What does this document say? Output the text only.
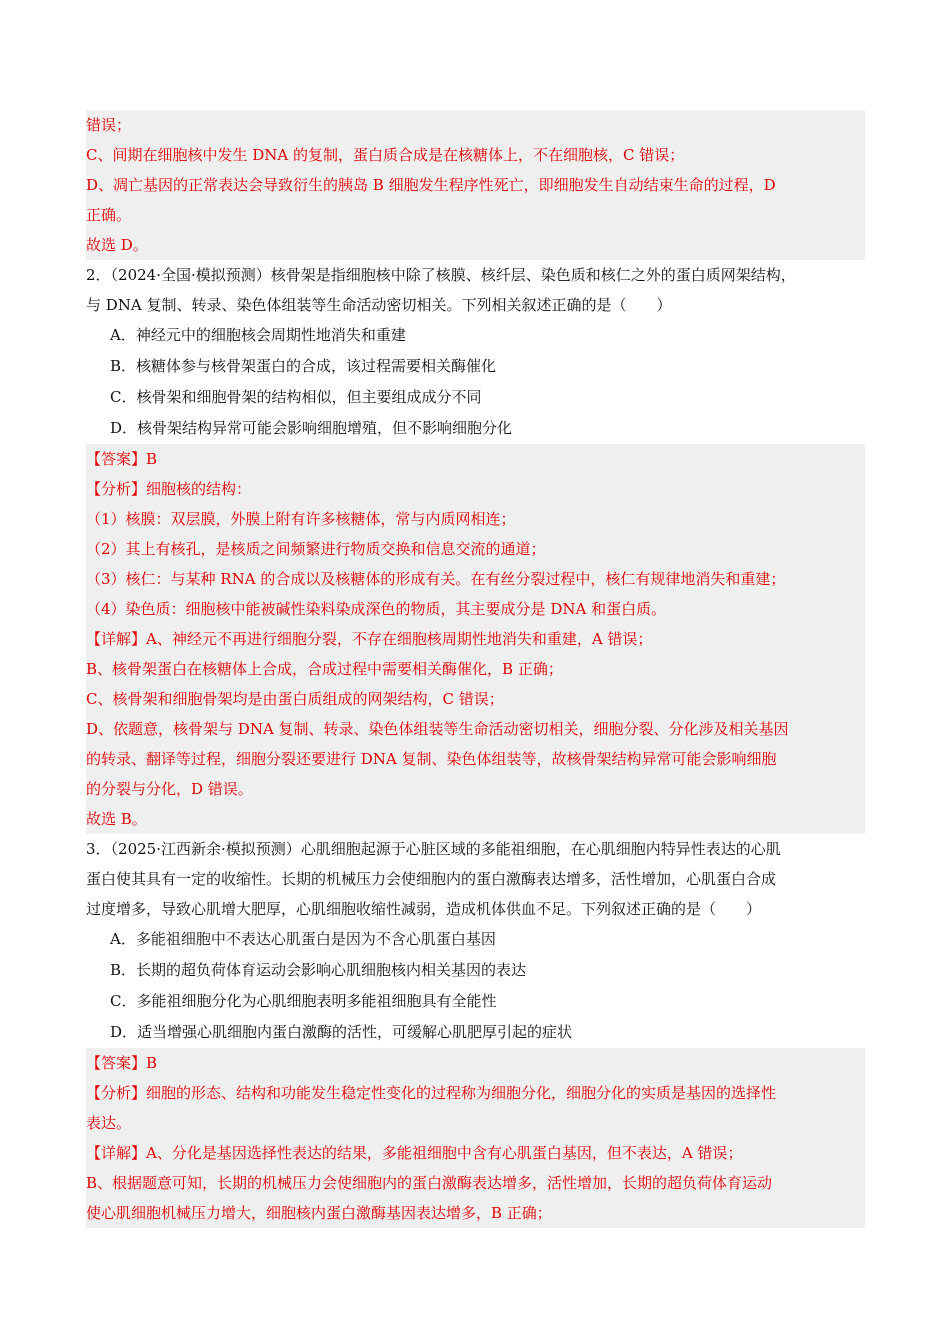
错误；
C、间期在细胞核中发生 DNA 的复制，蛋白质合成是在核糖体上，不在细胞核，C 错误；
D、凋亡基因的正常表达会导致衍生的胰岛 B 细胞发生程序性死亡，即细胞发生自动结束生命的过程，D
正确。
故选 D。
2．（2024·全国·模拟预测）核骨架是指细胞核中除了核膜、核纤层、染色质和核仁之外的蛋白质网架结构，
与 DNA 复制、转录、染色体组装等生命活动密切相关。下列相关叙述正确的是（　　）
A．神经元中的细胞核会周期性地消失和重建
B．核糖体参与核骨架蛋白的合成，该过程需要相关酶催化
C．核骨架和细胞骨架的结构相似，但主要组成成分不同
D．核骨架结构异常可能会影响细胞增殖，但不影响细胞分化
【答案】B
【分析】细胞核的结构：
（1）核膜：双层膜，外膜上附有许多核糖体，常与内质网相连；
（2）其上有核孔，是核质之间频繁进行物质交换和信息交流的通道；
（3）核仁：与某种 RNA 的合成以及核糖体的形成有关。在有丝分裂过程中，核仁有规律地消失和重建；
（4）染色质：细胞核中能被碱性染料染成深色的物质，其主要成分是 DNA 和蛋白质。
【详解】A、神经元不再进行细胞分裂，不存在细胞核周期性地消失和重建，A 错误；
B、核骨架蛋白在核糖体上合成，合成过程中需要相关酶催化，B 正确；
C、核骨架和细胞骨架均是由蛋白质组成的网架结构，C 错误；
D、依题意，核骨架与 DNA 复制、转录、染色体组装等生命活动密切相关，细胞分裂、分化涉及相关基因
的转录、翻译等过程，细胞分裂还要进行 DNA 复制、染色体组装等，故核骨架结构异常可能会影响细胞
的分裂与分化，D 错误。
故选 B。
3．（2025·江西新余·模拟预测）心肌细胞起源于心脏区域的多能祖细胞，在心肌细胞内特异性表达的心肌
蛋白使其具有一定的收缩性。长期的机械压力会使细胞内的蛋白激酶表达增多，活性增加，心肌蛋白合成
过度增多，导致心肌增大肥厚，心肌细胞收缩性减弱，造成机体供血不足。下列叙述正确的是（　　）
A．多能祖细胞中不表达心肌蛋白是因为不含心肌蛋白基因
B．长期的超负荷体育运动会影响心肌细胞核内相关基因的表达
C．多能祖细胞分化为心肌细胞表明多能祖细胞具有全能性
D．适当增强心肌细胞内蛋白激酶的活性，可缓解心肌肥厚引起的症状
【答案】B
【分析】细胞的形态、结构和功能发生稳定性变化的过程称为细胞分化，细胞分化的实质是基因的选择性
表达。
【详解】A、分化是基因选择性表达的结果，多能祖细胞中含有心肌蛋白基因，但不表达，A 错误；
B、根据题意可知，长期的机械压力会使细胞内的蛋白激酶表达增多，活性增加，长期的超负荷体育运动
使心肌细胞机械压力增大，细胞核内蛋白激酶基因表达增多，B 正确；
